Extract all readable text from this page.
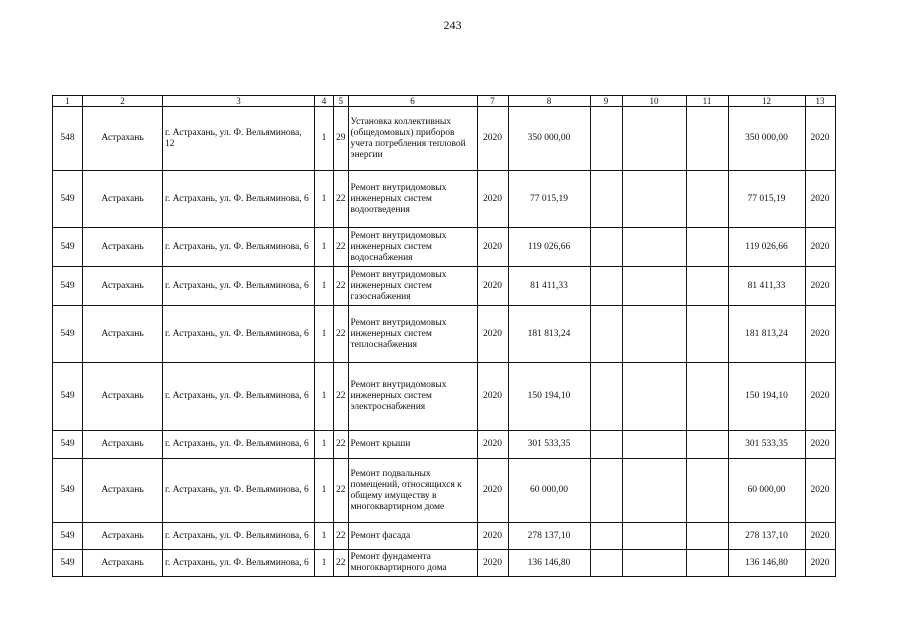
243
1	2	3	4	5	6	7	8	9	10	11	12	13
548	Астрахань	г. Астрахань, ул. Ф. Вельяминова, 12	1	29	Установка коллективных (общедомовых) приборов учета потребления тепловой энергии	2020	350 000,00				350 000,00	2020
549	Астрахань	г. Астрахань, ул. Ф. Вельяминова, 6	1	22	Ремонт внутридомовых инженерных систем водоотведения	2020	77 015,19				77 015,19	2020
549	Астрахань	г. Астрахань, ул. Ф. Вельяминова, 6	1	22	Ремонт внутридомовых инженерных систем водоснабжения	2020	119 026,66				119 026,66	2020
549	Астрахань	г. Астрахань, ул. Ф. Вельяминова, 6	1	22	Ремонт внутридомовых инженерных систем газоснабжения	2020	81 411,33				81 411,33	2020
549	Астрахань	г. Астрахань, ул. Ф. Вельяминова, 6	1	22	Ремонт внутридомовых инженерных систем теплоснабжения	2020	181 813,24				181 813,24	2020
549	Астрахань	г. Астрахань, ул. Ф. Вельяминова, 6	1	22	Ремонт внутридомовых инженерных систем электроснабжения	2020	150 194,10				150 194,10	2020
549	Астрахань	г. Астрахань, ул. Ф. Вельяминова, 6	1	22	Ремонт крыши	2020	301 533,35				301 533,35	2020
549	Астрахань	г. Астрахань, ул. Ф. Вельяминова, 6	1	22	Ремонт подвальных помещений, относящихся к общему имуществу в многоквартирном доме	2020	60 000,00				60 000,00	2020
549	Астрахань	г. Астрахань, ул. Ф. Вельяминова, 6	1	22	Ремонт фасада	2020	278 137,10				278 137,10	2020
549	Астрахань	г. Астрахань, ул. Ф. Вельяминова, 6	1	22	Ремонт фундамента многоквартирного дома	2020	136 146,80				136 146,80	2020
